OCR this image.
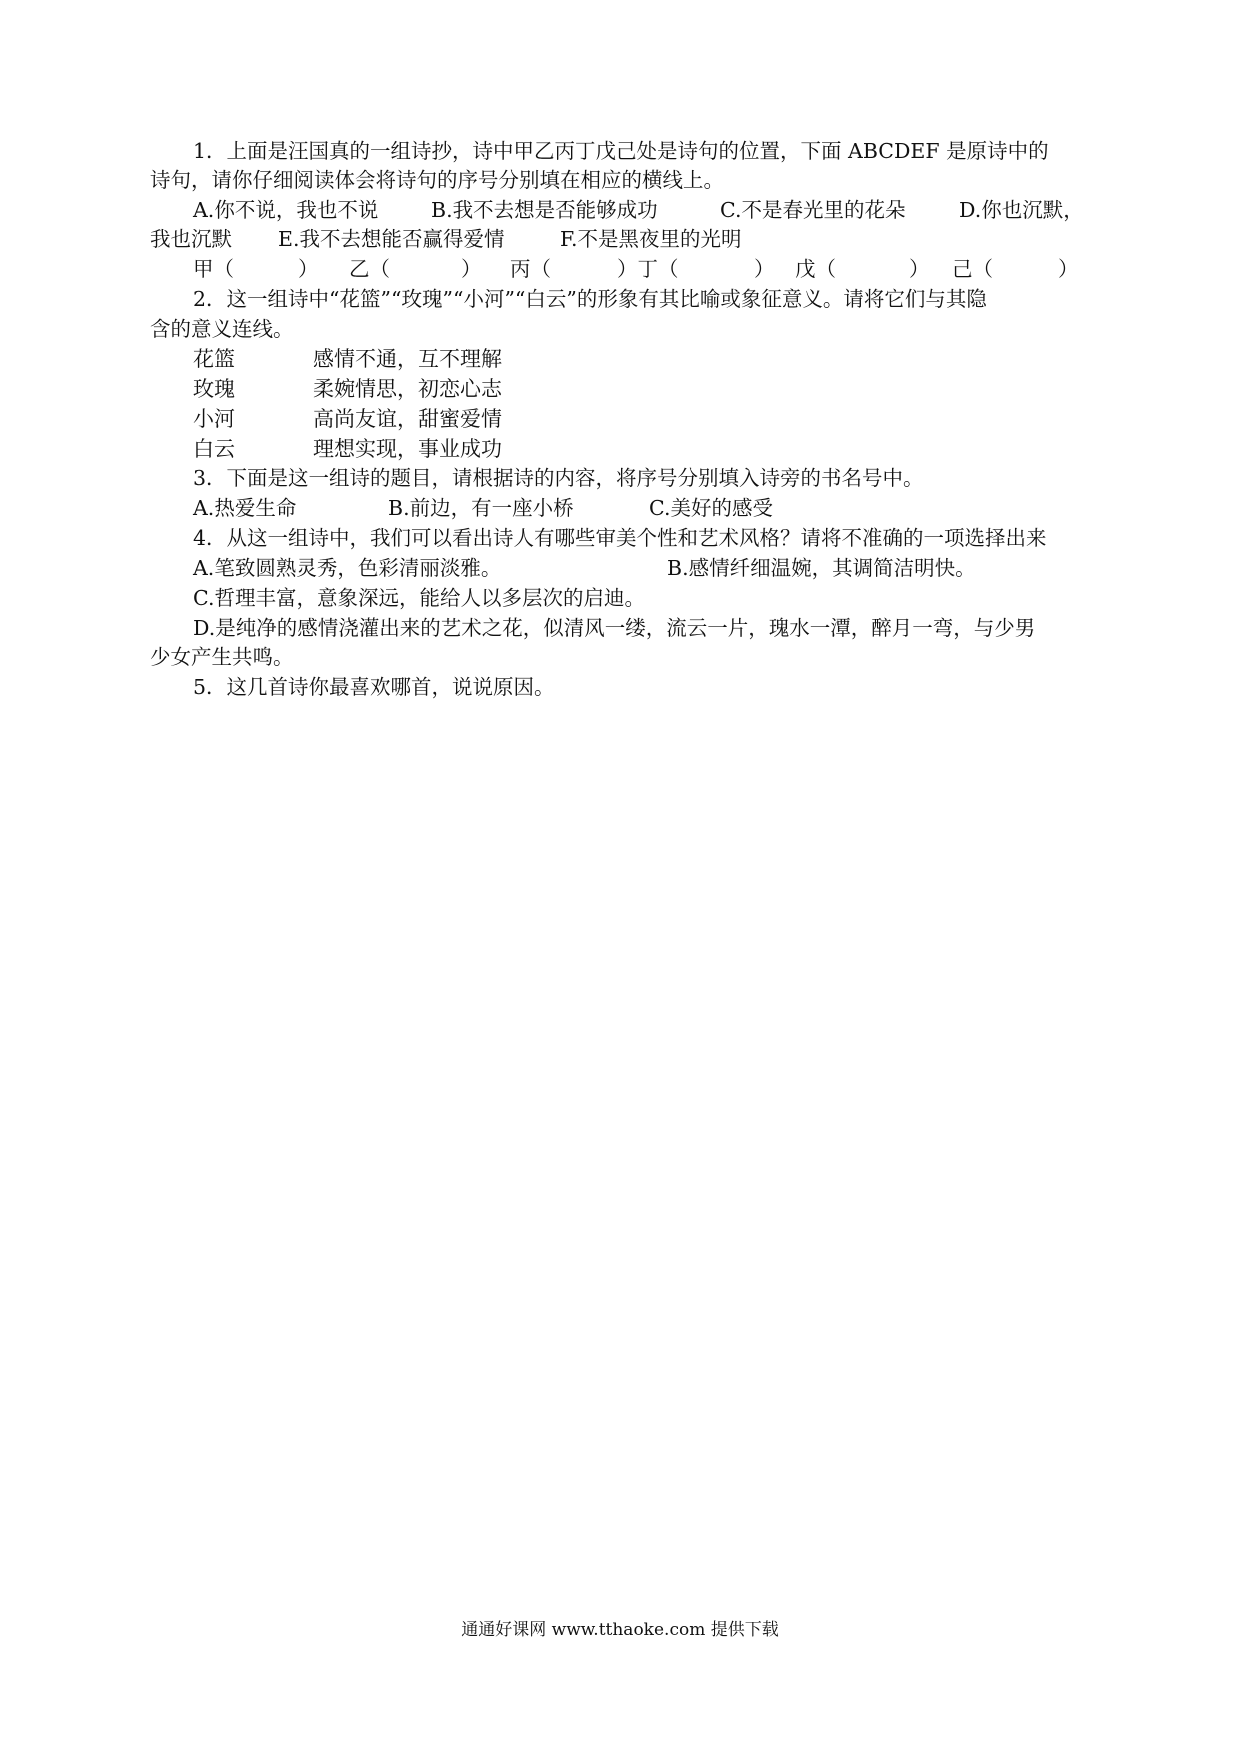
1．上面是汪国真的一组诗抄，诗中甲乙丙丁戊己处是诗句的位置，下面 ABCDEF 是原诗中的
诗句，请你仔细阅读体会将诗句的序号分别填在相应的横线上。
A.你不说，我也不说	B.我不去想是否能够成功	C.不是春光里的花朵	D.你也沉默，
我也沉默 E.我不去想能否赢得爱情	F.不是黑夜里的光明
甲（	） 乙（	） 丙（	）丁（	） 戊（	） 己（	）
2．这一组诗中“花篮”“玫瑰”“小河”“白云”的形象有其比喻或象征意义。请将它们与其隐
含的意义连线。
花篮	感情不通，互不理解
玫瑰	柔婉情思，初恋心志
小河	高尚友谊，甜蜜爱情
白云	理想实现，事业成功
3．下面是这一组诗的题目，请根据诗的内容，将序号分别填入诗旁的书名号中。
A.热爱生命	B.前边，有一座小桥	C.美好的感受
4．从这一组诗中，我们可以看出诗人有哪些审美个性和艺术风格？请将不准确的一项选择出来
A.笔致圆熟灵秀，色彩清丽淡雅。	B.感情纤细温婉，其调简洁明快。
C.哲理丰富，意象深远，能给人以多层次的启迪。
D.是纯净的感情浇灌出来的艺术之花，似清风一缕，流云一片，瑰水一潭，醉月一弯，与少男
少女产生共鸣。
5．这几首诗你最喜欢哪首，说说原因。
通通好课网 www.tthaoke.com 提供下载
